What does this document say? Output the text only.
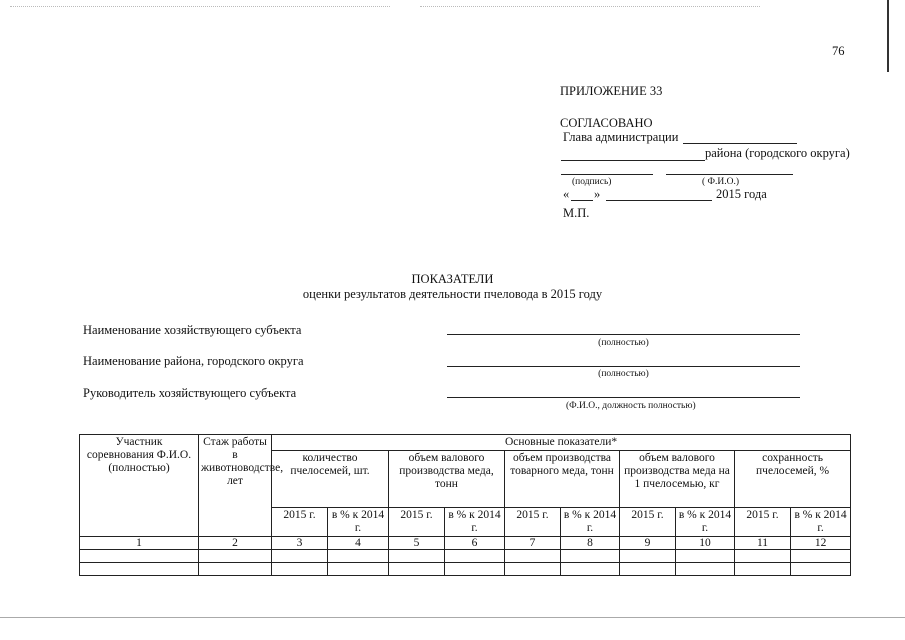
76
ПРИЛОЖЕНИЕ 33
СОГЛАСОВАНО
Глава администрации
района (городского округа)
(подпись)	( Ф.И.О.)
« »	2015 года
М.П.
ПОКАЗАТЕЛИ
оценки результатов деятельности пчеловода в 2015 году
Наименование хозяйствующего субъекта
(полностью)
Наименование района, городского округа
(полностью)
Руководитель хозяйствующего субъекта
(Ф.И.О., должность полностью)
Участник соревнования Ф.И.О. (полностью)	Стаж работы в животноводстве, лет	Основные показатели*									
		количество пчелосемей, шт.		объем валового производства меда, тонн		объем производства товарного меда, тонн		объем валового производства меда на 1 пчелосемью, кг		сохранность пчелосемей, %	
		2015 г.	в % к 2014 г.	2015 г.	в % к 2014 г.	2015 г.	в % к 2014 г.	2015 г.	в % к 2014 г.	2015 г.	в % к 2014 г.
1	2	3	4	5	6	7	8	9	10	11	12
